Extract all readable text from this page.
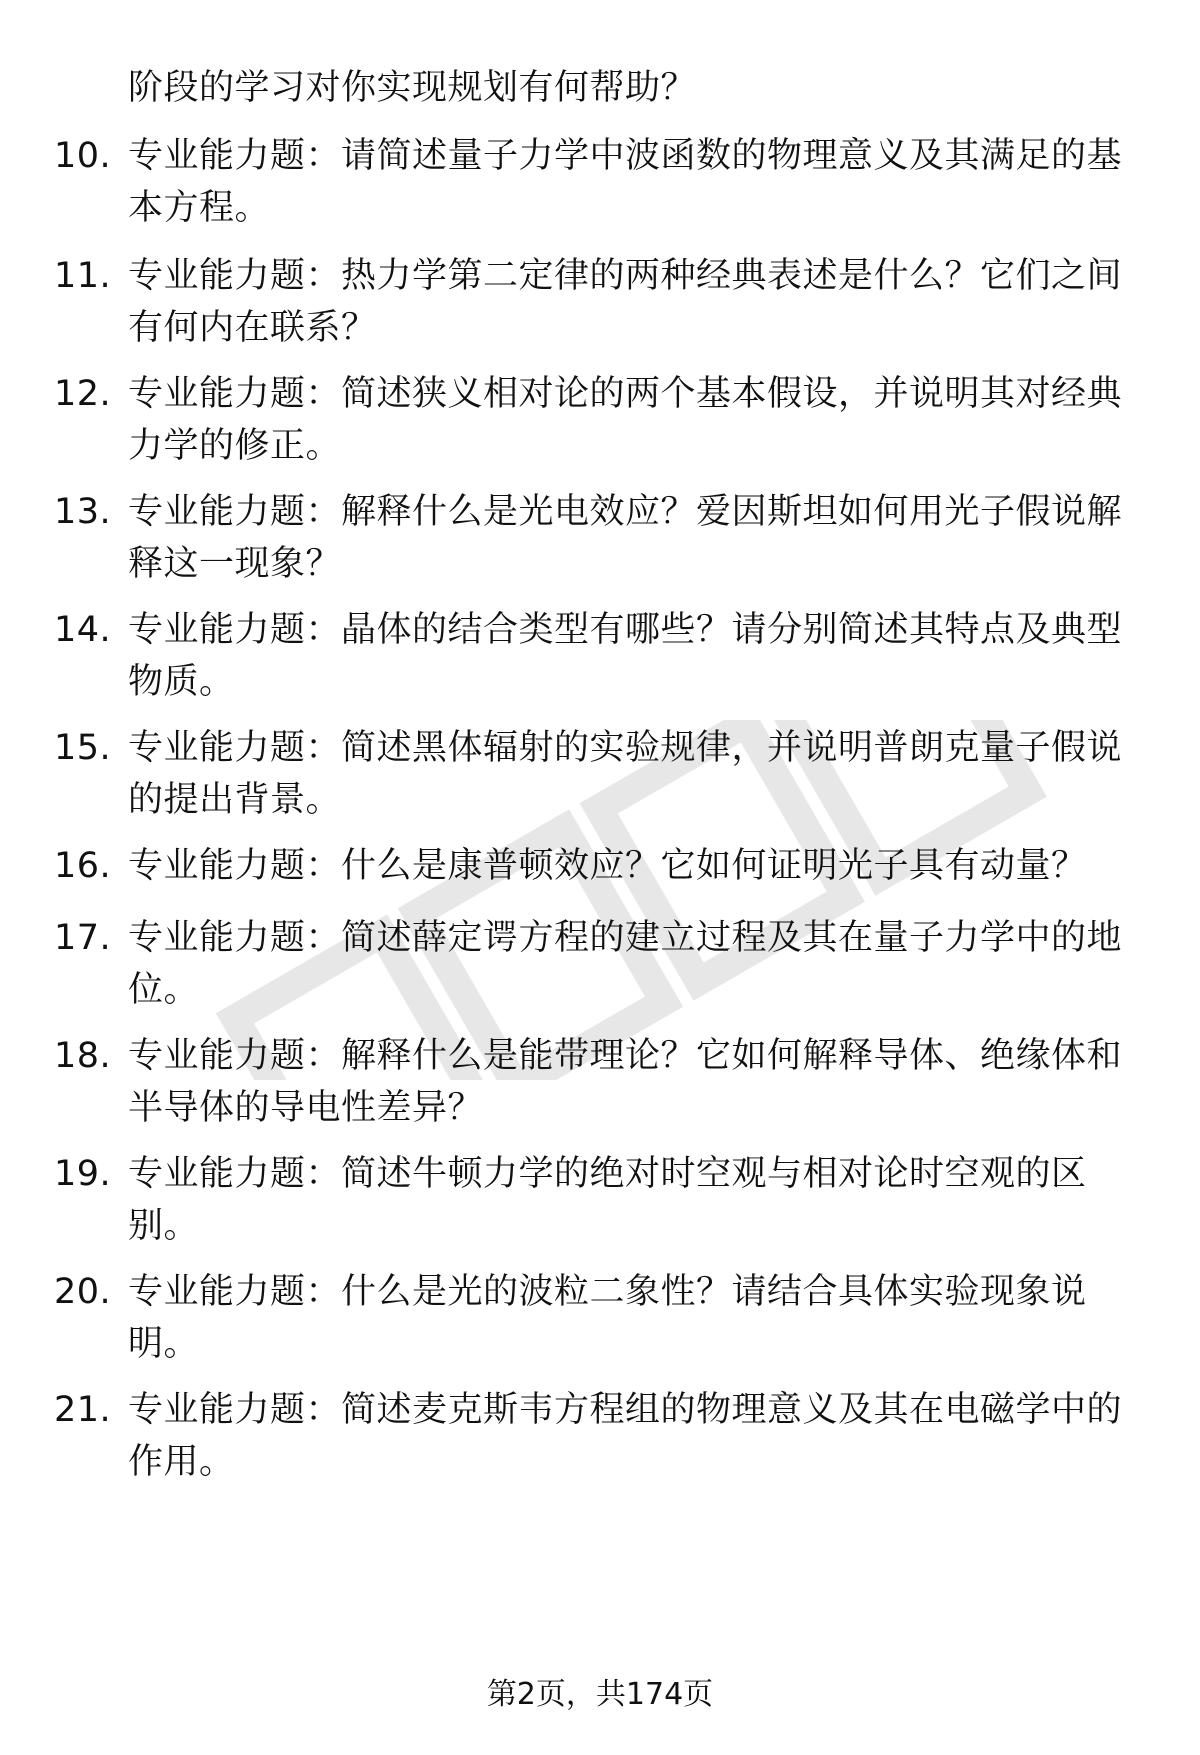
阶段的学习对你实现规划有何帮助？
10. 专业能力题：请简述量子力学中波函数的物理意义及其满足的基
本方程。
11. 专业能力题：热力学第二定律的两种经典表述是什么？它们之间
有何内在联系？
12. 专业能力题：简述狭义相对论的两个基本假设，并说明其对经典
力学的修正。
13. 专业能力题：解释什么是光电效应？爱因斯坦如何用光子假说解
释这一现象？
14. 专业能力题：晶体的结合类型有哪些？请分别简述其特点及典型
物质。
15. 专业能力题：简述黑体辐射的实验规律，并说明普朗克量子假说
的提出背景。
16. 专业能力题：什么是康普顿效应？它如何证明光子具有动量？
17. 专业能力题：简述薛定谔方程的建立过程及其在量子力学中的地
位。
18. 专业能力题：解释什么是能带理论？它如何解释导体、绝缘体和
半导体的导电性差异？
19. 专业能力题：简述牛顿力学的绝对时空观与相对论时空观的区
别。
20. 专业能力题：什么是光的波粒二象性？请结合具体实验现象说
明。
21. 专业能力题：简述麦克斯韦方程组的物理意义及其在电磁学中的
作用。
第2页，共174页
